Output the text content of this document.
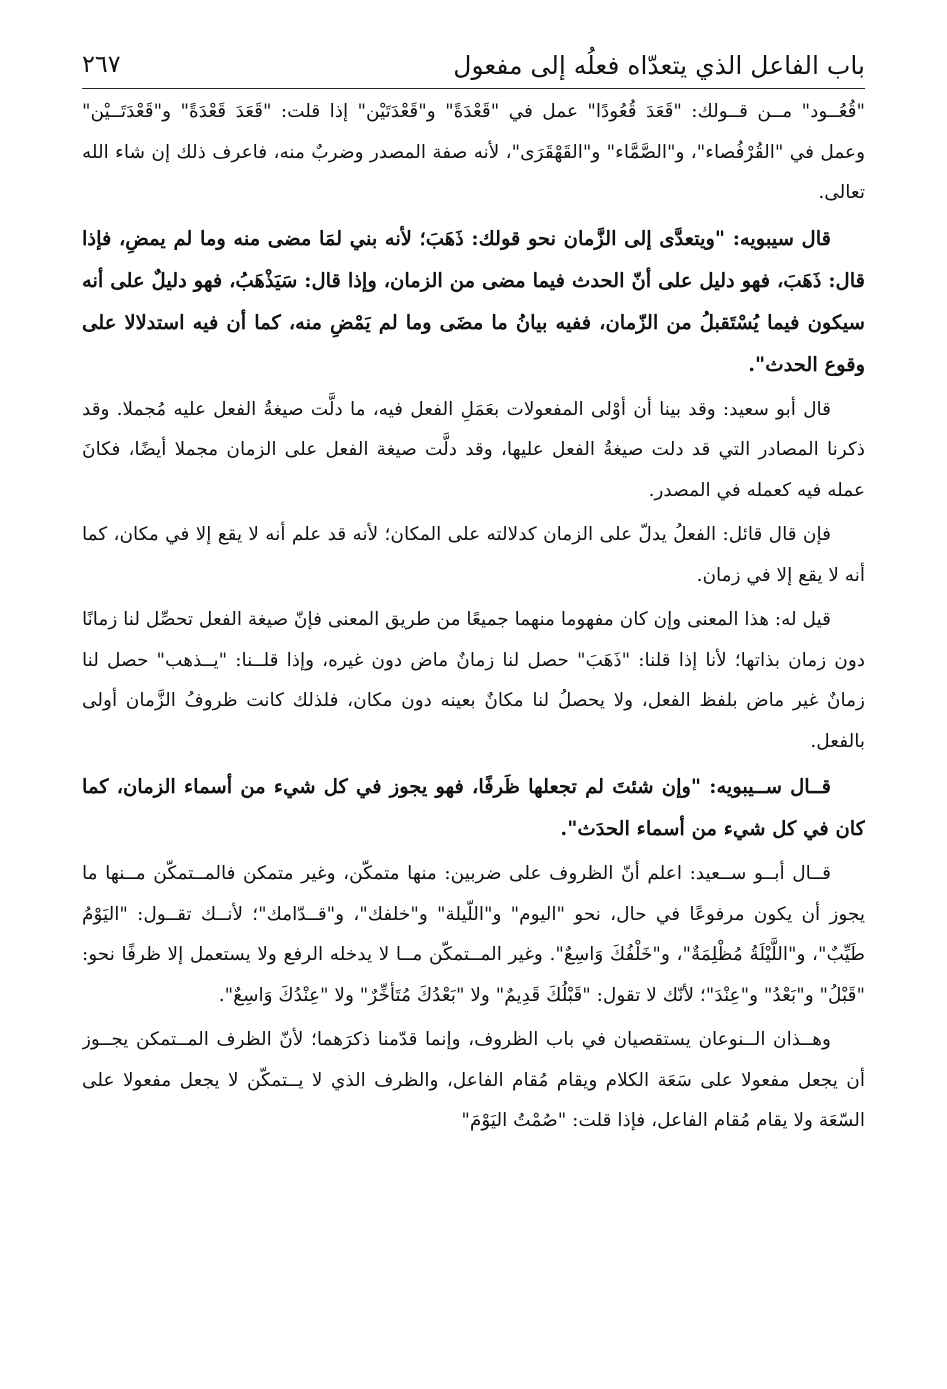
باب الفاعل الذي يتعدّاه فعلُه إلى مفعول
٢٦٧

"قُعُــود" مــن قــولك: "قَعَدَ قُعُودًا" عمل في "قَعْدَةً" و"قَعْدَتَيْن" إذا قلت: "قَعَدَ قَعْدَةً" و"قَعْدَتَــيْن" وعمل في "القُرْفُصاء"، و"الصَّمَّاء" و"القَهْقَرَى"، لأنه صفة المصدر وضربٌ منه، فاعرف ذلك إن شاء الله تعالى.

قال سيبويه: "ويتعدَّى إلى الزَّمان نحو قولك: ذَهَبَ؛ لأنه بني لمَا مضى منه وما لم يمضِ، فإذا قال: ذَهَبَ، فهو دليل على أنّ الحدث فيما مضى من الزمان، وإذا قال: سَيَذْهَبُ، فهو دليلٌ على أنه سيكون فيما يُسْتَقبلُ من الزّمان، ففيه بيانُ ما مضَى وما لم يَمْضِ منه، كما أن فيه استدلالا على وقوع الحدث".

قال أبو سعيد: وقد بينا أن أوْلى المفعولات بعَمَلِ الفعل فيه، ما دلَّت صيغةُ الفعل عليه مُجملا. وقد ذكرنا المصادر التي قد دلت صيغةُ الفعل عليها، وقد دلَّت صيغة الفعل على الزمان مجملا أيضًا، فكانَ عمله فيه كعمله في المصدر.

فإن قال قائل: الفعلُ يدلّ على الزمان كدلالته على المكان؛ لأنه قد علم أنه لا يقع إلا في مكان، كما أنه لا يقع إلا في زمان.

قيل له: هذا المعنى وإن كان مفهوما منهما جميعًا من طريق المعنى فإنّ صيغة الفعل تحصِّل لنا زمانًا دون زمان بذاتها؛ لأنا إذا قلنا: "ذَهَبَ" حصل لنا زمانٌ ماض دون غيره، وإذا قلــنا: "يــذهب" حصل لنا زمانٌ غير ماض بلفظ الفعل، ولا يحصلُ لنا مكانٌ بعينه دون مكان، فلذلك كانت ظروفُ الزَّمان أولى بالفعل.

قــال ســيبويه: "وإن شئتَ لم تجعلها ظَرفًا، فهو يجوز في كل شيء من أسماء الزمان، كما كان في كل شيء من أسماء الحدَث".

قــال أبــو ســعيد: اعلم أنّ الظروف على ضربين: منها متمكّن، وغير متمكن فالمــتمكّن مــنها ما يجوز أن يكون مرفوعًا في حال، نحو "اليوم" و"اللّيلة" و"خلفك"، و"قــدّامك"؛ لأنــك تقــول: "اليَوْمُ طَيِّبٌ"، و"اللَّيْلَةُ مُظْلِمَةٌ"، و"خَلْفُكَ وَاسِعٌ". وغير المــتمكّن مــا لا يدخله الرفع ولا يستعمل إلا ظرفًا نحو: "قَبْلُ" و"بَعْدُ" و"عِنْدَ"؛ لأنّك لا تقول: "قَبْلُكَ قَدِيمٌ" ولا "بَعْدُكَ مُتَأخِّرٌ" ولا "عِنْدُكَ وَاسِعٌ".

وهــذان الــنوعان يستقصيان في باب الظروف، وإنما قدّمنا ذكرَهما؛ لأنّ الظرف المــتمكن يجــوز أن يجعل مفعولا على سَعَة الكلام ويقام مُقام الفاعل، والظرف الذي لا يــتمكّن لا يجعل مفعولا على السّعَة ولا يقام مُقام الفاعل، فإذا قلت: "صُمْتُ اليَوْمَ"
